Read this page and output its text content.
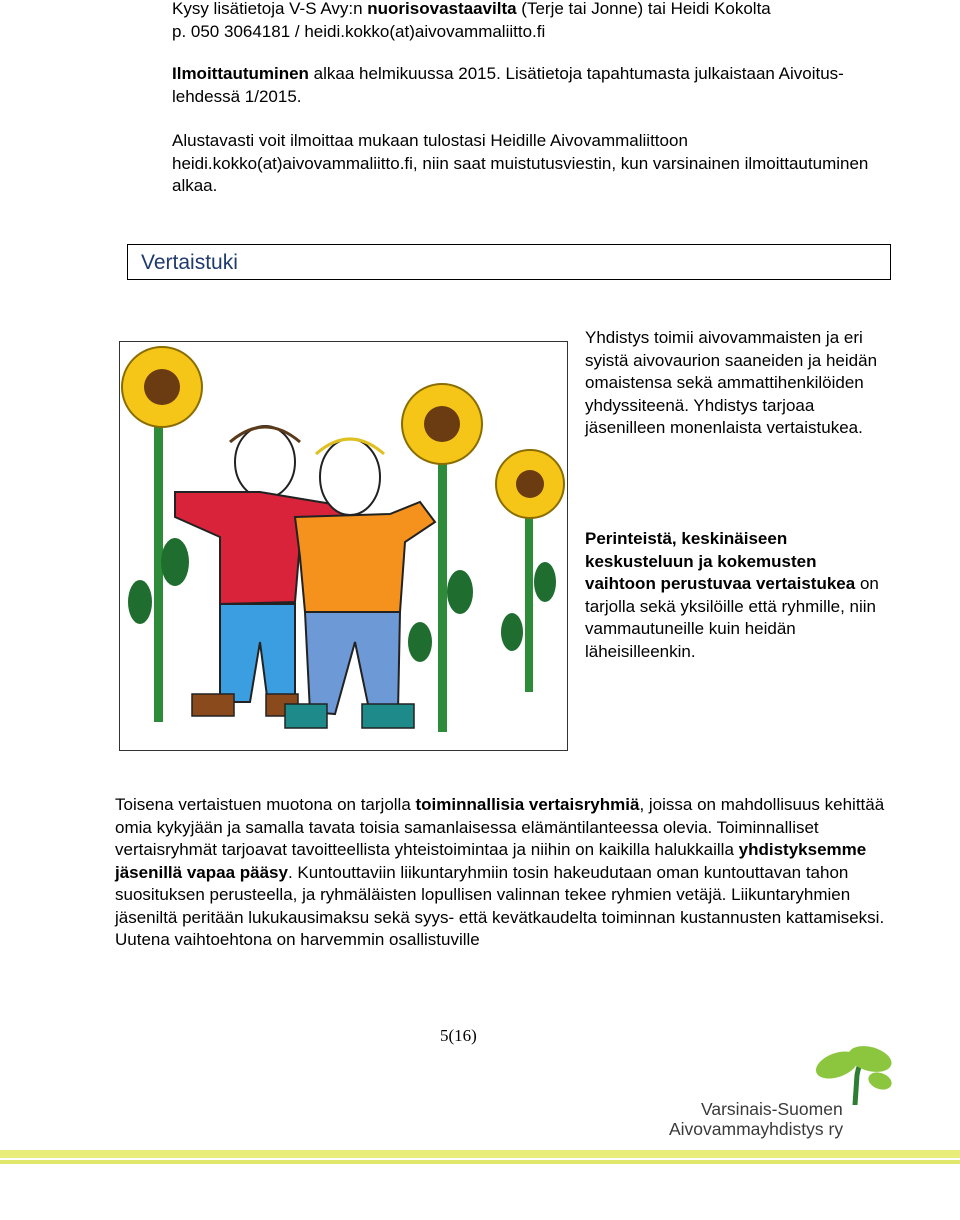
Kysy lisätietoja V-S Avy:n nuorisovastaavilta (Terje tai Jonne) tai Heidi Kokolta
p. 050 3064181 / heidi.kokko(at)aivovammaliitto.fi
Ilmoittautuminen alkaa helmikuussa 2015. Lisätietoja tapahtumasta julkaistaan Aivoitus-lehdessä 1/2015.
Alustavasti voit ilmoittaa mukaan tulostasi Heidille Aivovammaliittoon heidi.kokko(at)aivovammaliitto.fi, niin saat muistutusviestin, kun varsinainen ilmoittautuminen alkaa.
Vertaistuki
Yhdistys toimii aivovammaisten ja eri syistä aivovaurion saaneiden ja heidän omaistensa sekä ammattihenkilöiden yhdyssiteenä. Yhdistys tarjoaa jäsenilleen monenlaista vertaistukea.
Perinteistä, keskinäiseen keskusteluun ja kokemusten vaihtoon perustuvaa vertaistukea on tarjolla sekä yksilöille että ryhmille, niin vammautuneille kuin heidän läheisilleenkin.
Toisena vertaistuen muotona on tarjolla toiminnallisia vertaisryhmiä, joissa on mahdollisuus kehittää omia kykyjään ja samalla tavata toisia samanlaisessa elämäntilanteessa olevia. Toiminnalliset vertaisryhmät tarjoavat tavoitteellista yhteistoimintaa ja niihin on kaikilla halukkailla yhdistyksemme jäsenillä vapaa pääsy. Kuntouttaviin liikuntaryhmiin tosin hakeudutaan oman kuntouttavan tahon suosituksen perusteella, ja ryhmäläisten lopullisen valinnan tekee ryhmien vetäjä. Liikuntaryhmien jäseniltä peritään lukukausimaksu sekä syys- että kevätkaudelta toiminnan kustannusten kattamiseksi. Uutena vaihtoehtona on harvemmin osallistuville
5(16)
Varsinais-Suomen
Aivovammayhdistys ry
